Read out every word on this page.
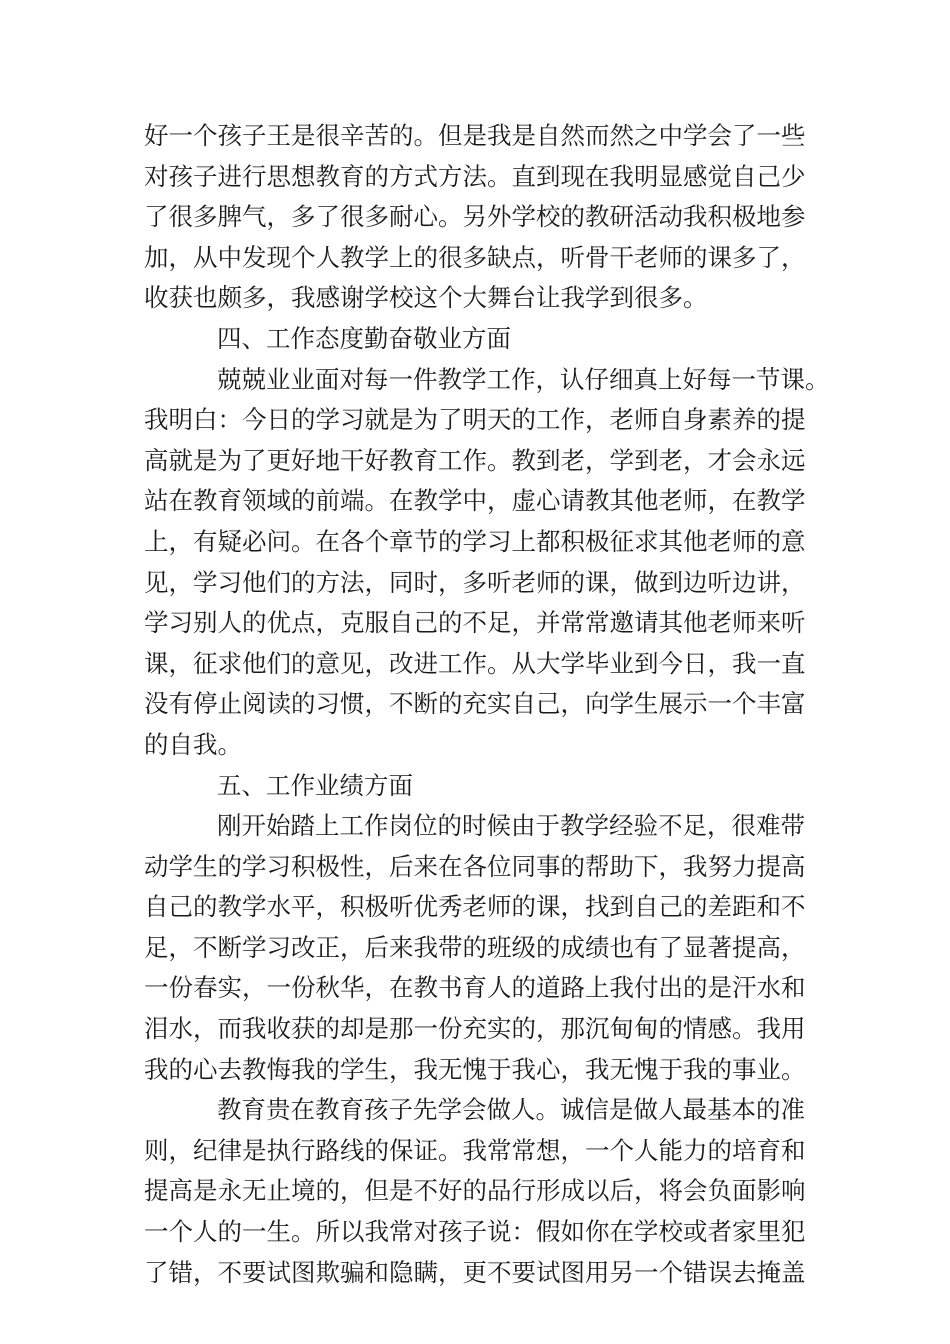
好一个孩子王是很辛苦的。但是我是自然而然之中学会了一些
对孩子进行思想教育的方式方法。直到现在我明显感觉自己少
了很多脾气，多了很多耐心。另外学校的教研活动我积极地参
加，从中发现个人教学上的很多缺点，听骨干老师的课多了，
收获也颇多，我感谢学校这个大舞台让我学到很多。
四、工作态度勤奋敬业方面
兢兢业业面对每一件教学工作，认仔细真上好每一节课。
我明白：今日的学习就是为了明天的工作，老师自身素养的提
高就是为了更好地干好教育工作。教到老，学到老，才会永远
站在教育领域的前端。在教学中，虚心请教其他老师，在教学
上，有疑必问。在各个章节的学习上都积极征求其他老师的意
见，学习他们的方法，同时，多听老师的课，做到边听边讲，
学习别人的优点，克服自己的不足，并常常邀请其他老师来听
课，征求他们的意见，改进工作。从大学毕业到今日，我一直
没有停止阅读的习惯，不断的充实自己，向学生展示一个丰富
的自我。
五、工作业绩方面
刚开始踏上工作岗位的时候由于教学经验不足，很难带
动学生的学习积极性，后来在各位同事的帮助下，我努力提高
自己的教学水平，积极听优秀老师的课，找到自己的差距和不
足，不断学习改正，后来我带的班级的成绩也有了显著提高，
一份春实，一份秋华，在教书育人的道路上我付出的是汗水和
泪水，而我收获的却是那一份充实的，那沉甸甸的情感。我用
我的心去教悔我的学生，我无愧于我心，我无愧于我的事业。
教育贵在教育孩子先学会做人。诚信是做人最基本的准
则，纪律是执行路线的保证。我常常想，一个人能力的培育和
提高是永无止境的，但是不好的品行形成以后，将会负面影响
一个人的一生。所以我常对孩子说：假如你在学校或者家里犯
了错，不要试图欺骗和隐瞒，更不要试图用另一个错误去掩盖
